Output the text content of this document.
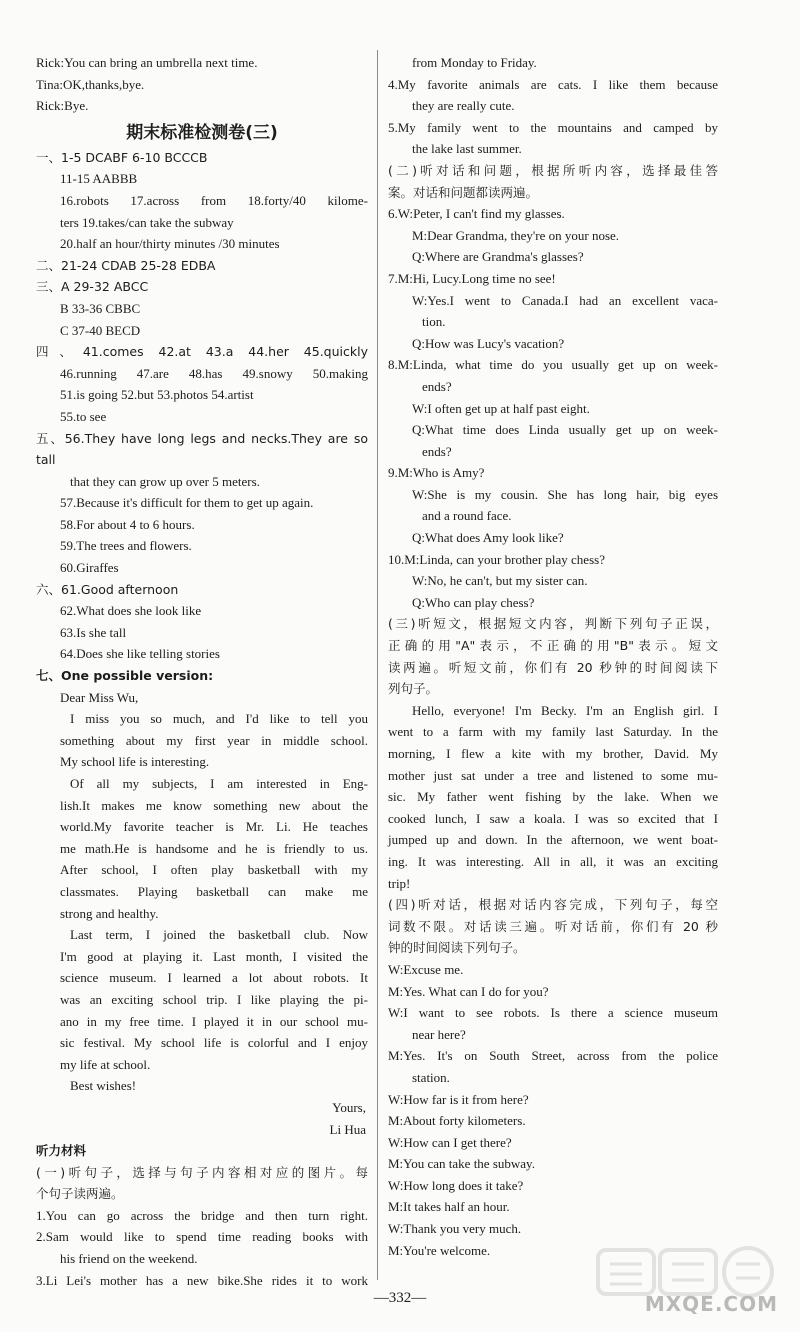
Rick:You can bring an umbrella next time.
Tina:OK,thanks,bye.
Rick:Bye.
期末标准检测卷(三)
一、1-5 DCABF 6-10 BCCCB
11-15 AABBB
16.robots 17.across from 18.forty/40 kilome-
ters 19.takes/can take the subway
20.half an hour/thirty minutes /30 minutes
二、21-24 CDAB 25-28 EDBA
三、A 29-32 ABCC
B 33-36 CBBC
C 37-40 BECD
四、41.comes 42.at 43.a 44.her 45.quickly
46.running 47.are 48.has 49.snowy 50.making
51.is going 52.but 53.photos 54.artist
55.to see
五、56.They have long legs and necks.They are so tall
that they can grow up over 5 meters.
57.Because it's difficult for them to get up again.
58.For about 4 to 6 hours.
59.The trees and flowers.
60.Giraffes
六、61.Good afternoon
62.What does she look like
63.Is she tall
64.Does she like telling stories
七、One possible version:
Dear Miss Wu,
I miss you so much, and I'd like to tell you
something about my first year in middle school.
My school life is interesting.
Of all my subjects, I am interested in Eng-
lish.It makes me know something new about the
world.My favorite teacher is Mr. Li. He teaches
me math.He is handsome and he is friendly to us.
After school, I often play basketball with my
classmates. Playing basketball can make me
strong and healthy.
Last term, I joined the basketball club. Now
I'm good at playing it. Last month, I visited the
science museum. I learned a lot about robots. It
was an exciting school trip. I like playing the pi-
ano in my free time. I played it in our school mu-
sic festival. My school life is colorful and I enjoy
my life at school.
Best wishes!
Yours,
Li Hua
听力材料
(一)听句子，选择与句子内容相对应的图片。每
个句子读两遍。
1.You can go across the bridge and then turn right.
2.Sam would like to spend time reading books with
his friend on the weekend.
3.Li Lei's mother has a new bike.She rides it to work
from Monday to Friday.
4.My favorite animals are cats. I like them because
they are really cute.
5.My family went to the mountains and camped by
the lake last summer.
(二)听对话和问题，根据所听内容，选择最佳答
案。对话和问题都读两遍。
6.W:Peter, I can't find my glasses.
M:Dear Grandma, they're on your nose.
Q:Where are Grandma's glasses?
7.M:Hi, Lucy.Long time no see!
W:Yes.I went to Canada.I had an excellent vaca-
tion.
Q:How was Lucy's vacation?
8.M:Linda, what time do you usually get up on week-
ends?
W:I often get up at half past eight.
Q:What time does Linda usually get up on week-
ends?
9.M:Who is Amy?
W:She is my cousin. She has long hair, big eyes
and a round face.
Q:What does Amy look like?
10.M:Linda, can your brother play chess?
W:No, he can't, but my sister can.
Q:Who can play chess?
(三)听短文，根据短文内容，判断下列句子正误，
正确的用"A"表示，不正确的用"B"表示。短文
读两遍。听短文前，你们有 20 秒钟的时间阅读下
列句子。
Hello, everyone! I'm Becky. I'm an English girl. I
went to a farm with my family last Saturday. In the
morning, I flew a kite with my brother, David. My
mother just sat under a tree and listened to some mu-
sic. My father went fishing by the lake. When we
cooked lunch, I saw a koala. I was so excited that I
jumped up and down. In the afternoon, we went boat-
ing. It was interesting. All in all, it was an exciting
trip!
(四)听对话，根据对话内容完成，下列句子，每空
词数不限。对话读三遍。听对话前，你们有 20 秒
钟的时间阅读下列句子。
W:Excuse me.
M:Yes. What can I do for you?
W:I want to see robots. Is there a science museum
near here?
M:Yes. It's on South Street, across from the police
station.
W:How far is it from here?
M:About forty kilometers.
W:How can I get there?
M:You can take the subway.
W:How long does it take?
M:It takes half an hour.
W:Thank you very much.
M:You're welcome.
—332—	MXQE.COM
